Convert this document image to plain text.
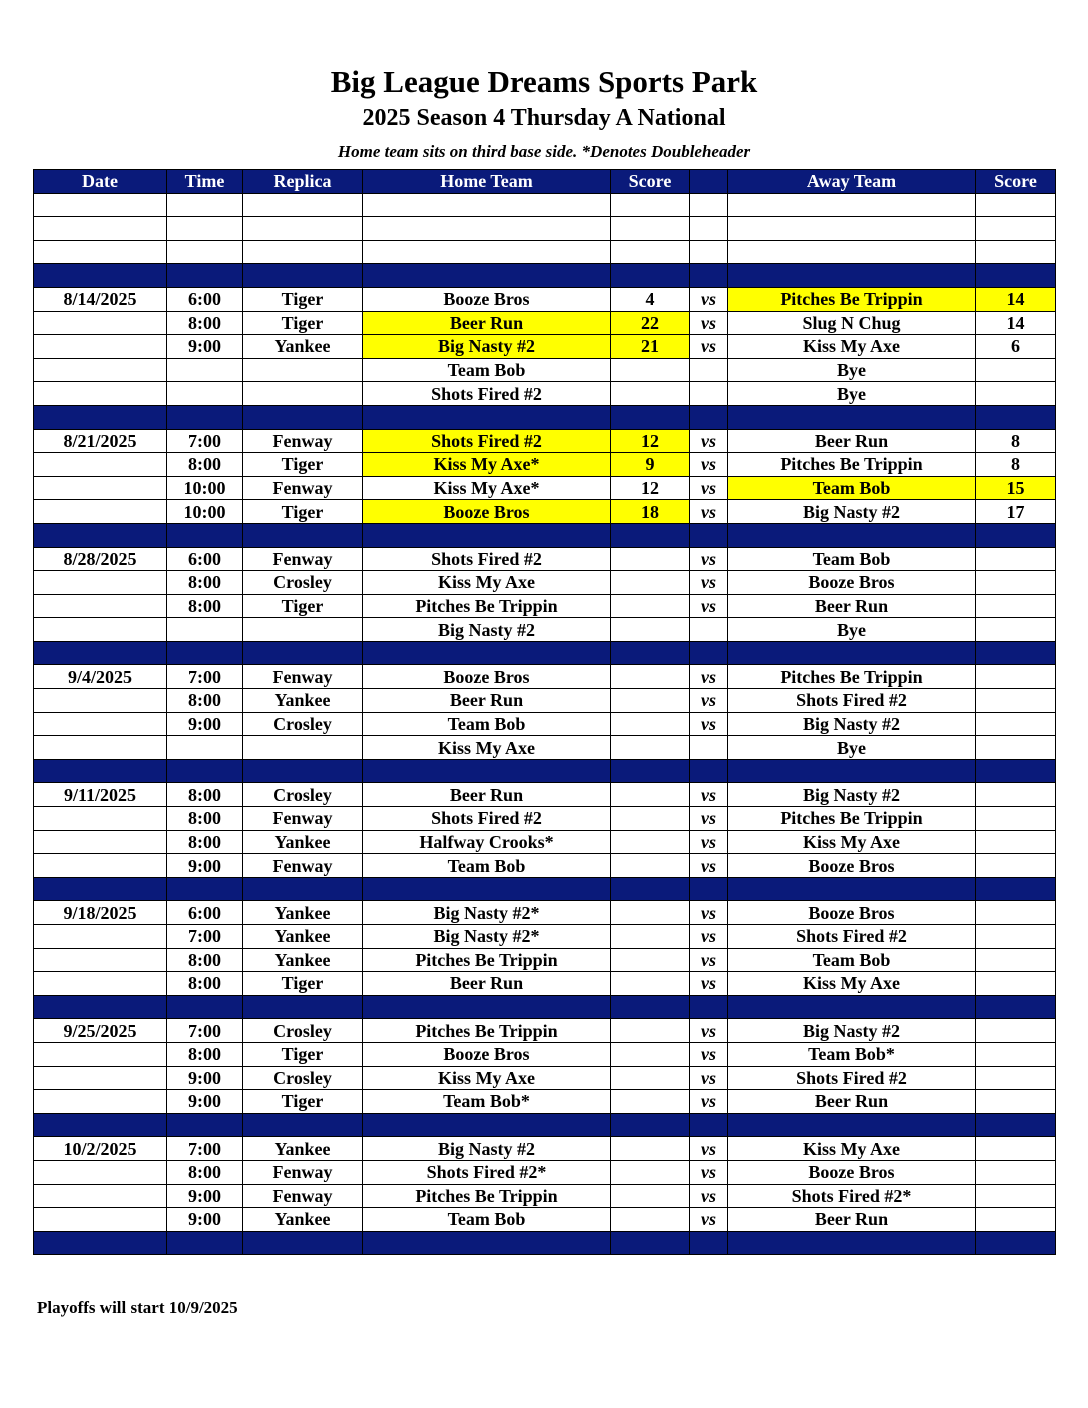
Big League Dreams Sports Park
2025 Season 4 Thursday A National
Home team sits on third base side. *Denotes Doubleheader
Date	Time	Replica	Home Team	Score		Away Team	Score

8/14/2025	6:00	Tiger	Booze Bros	4	vs	Pitches Be Trippin	14
	8:00	Tiger	Beer Run	22	vs	Slug N Chug	14
	9:00	Yankee	Big Nasty #2	21	vs	Kiss My Axe	6
			Team Bob			Bye	
			Shots Fired #2			Bye	

8/21/2025	7:00	Fenway	Shots Fired #2	12	vs	Beer Run	8
	8:00	Tiger	Kiss My Axe*	9	vs	Pitches Be Trippin	8
	10:00	Fenway	Kiss My Axe*	12	vs	Team Bob	15
	10:00	Tiger	Booze Bros	18	vs	Big Nasty #2	17

8/28/2025	6:00	Fenway	Shots Fired #2		vs	Team Bob	
	8:00	Crosley	Kiss My Axe		vs	Booze Bros	
	8:00	Tiger	Pitches Be Trippin		vs	Beer Run	
			Big Nasty #2			Bye	

9/4/2025	7:00	Fenway	Booze Bros		vs	Pitches Be Trippin	
	8:00	Yankee	Beer Run		vs	Shots Fired #2	
	9:00	Crosley	Team Bob		vs	Big Nasty #2	
			Kiss My Axe			Bye	

9/11/2025	8:00	Crosley	Beer Run		vs	Big Nasty #2	
	8:00	Fenway	Shots Fired #2		vs	Pitches Be Trippin	
	8:00	Yankee	Halfway Crooks*		vs	Kiss My Axe	
	9:00	Fenway	Team Bob		vs	Booze Bros	

9/18/2025	6:00	Yankee	Big Nasty #2*		vs	Booze Bros	
	7:00	Yankee	Big Nasty #2*		vs	Shots Fired #2	
	8:00	Yankee	Pitches Be Trippin		vs	Team Bob	
	8:00	Tiger	Beer Run		vs	Kiss My Axe	

9/25/2025	7:00	Crosley	Pitches Be Trippin		vs	Big Nasty #2	
	8:00	Tiger	Booze Bros		vs	Team Bob*	
	9:00	Crosley	Kiss My Axe		vs	Shots Fired #2	
	9:00	Tiger	Team Bob*		vs	Beer Run	

10/2/2025	7:00	Yankee	Big Nasty #2		vs	Kiss My Axe	
	8:00	Fenway	Shots Fired #2*		vs	Booze Bros	
	9:00	Fenway	Pitches Be Trippin		vs	Shots Fired #2*	
	9:00	Yankee	Team Bob		vs	Beer Run	

Playoffs will start 10/9/2025
